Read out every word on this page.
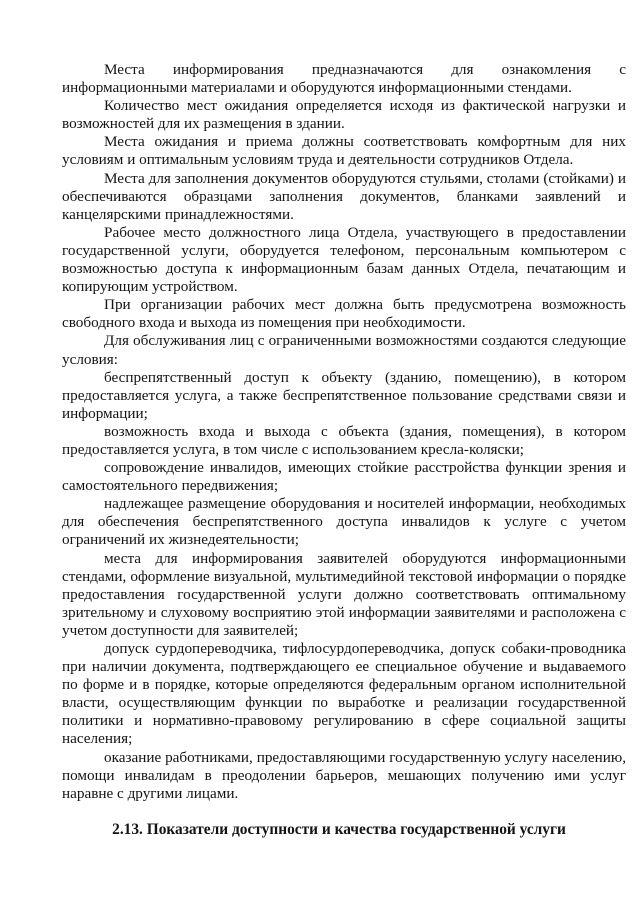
Места информирования предназначаются для ознакомления с информационными материалами и оборудуются информационными стендами.

Количество мест ожидания определяется исходя из фактической нагрузки и возможностей для их размещения в здании.

Места ожидания и приема должны соответствовать комфортным для них условиям и оптимальным условиям труда и деятельности сотрудников Отдела.

Места для заполнения документов оборудуются стульями, столами (стойками) и обеспечиваются образцами заполнения документов, бланками заявлений и канцелярскими принадлежностями.

Рабочее место должностного лица Отдела, участвующего в предоставлении государственной услуги, оборудуется телефоном, персональным компьютером с возможностью доступа к информационным базам данных Отдела, печатающим и копирующим устройством.

При организации рабочих мест должна быть предусмотрена возможность свободного входа и выхода из помещения при необходимости.

Для обслуживания лиц с ограниченными возможностями создаются следующие условия:

беспрепятственный доступ к объекту (зданию, помещению), в котором предоставляется услуга, а также беспрепятственное пользование средствами связи и информации;

возможность входа и выхода с объекта (здания, помещения), в котором предоставляется услуга, в том числе с использованием кресла-коляски;

сопровождение инвалидов, имеющих стойкие расстройства функции зрения и самостоятельного передвижения;

надлежащее размещение оборудования и носителей информации, необходимых для обеспечения беспрепятственного доступа инвалидов к услуге с учетом ограничений их жизнедеятельности;

места для информирования заявителей оборудуются информационными стендами, оформление визуальной, мультимедийной текстовой информации о порядке предоставления государственной услуги должно соответствовать оптимальному зрительному и слуховому восприятию этой информации заявителями и расположена с учетом доступности для заявителей;

допуск сурдопереводчика, тифлосурдопереводчика, допуск собаки-проводника при наличии документа, подтверждающего ее специальное обучение и выдаваемого по форме и в порядке, которые определяются федеральным органом исполнительной власти, осуществляющим функции по выработке и реализации государственной политики и нормативно-правовому регулированию в сфере социальной защиты населения;

оказание работниками, предоставляющими государственную услугу населению, помощи инвалидам в преодолении барьеров, мешающих получению ими услуг наравне с другими лицами.

2.13. Показатели доступности и качества государственной услуги
